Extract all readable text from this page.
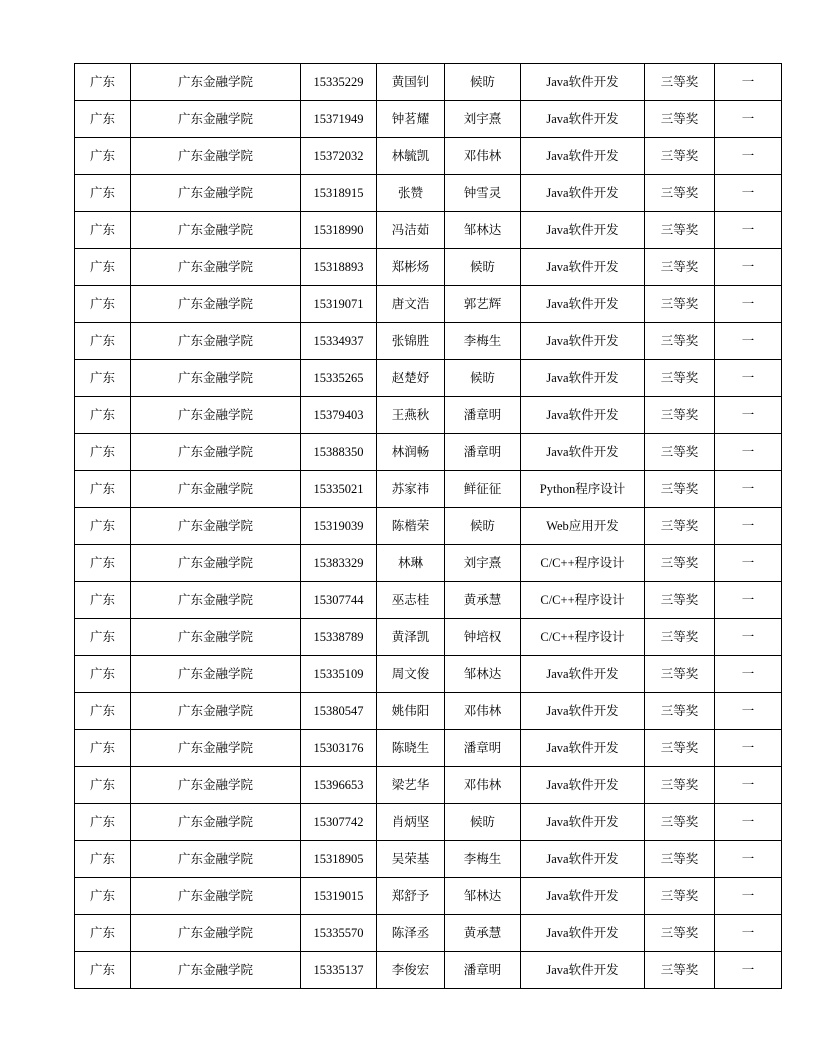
广东	广东金融学院	15335229	黄国钊	候昉	Java软件开发	三等奖	一
广东	广东金融学院	15371949	钟茗耀	刘宇熹	Java软件开发	三等奖	一
广东	广东金融学院	15372032	林毓凯	邓伟林	Java软件开发	三等奖	一
广东	广东金融学院	15318915	张赞	钟雪灵	Java软件开发	三等奖	一
广东	广东金融学院	15318990	冯洁茹	邹林达	Java软件开发	三等奖	一
广东	广东金融学院	15318893	郑彬炀	候昉	Java软件开发	三等奖	一
广东	广东金融学院	15319071	唐文浩	郭艺辉	Java软件开发	三等奖	一
广东	广东金融学院	15334937	张锦胜	李梅生	Java软件开发	三等奖	一
广东	广东金融学院	15335265	赵楚妤	候昉	Java软件开发	三等奖	一
广东	广东金融学院	15379403	王燕秋	潘章明	Java软件开发	三等奖	一
广东	广东金融学院	15388350	林润畅	潘章明	Java软件开发	三等奖	一
广东	广东金融学院	15335021	苏家祎	鲜征征	Python程序设计	三等奖	一
广东	广东金融学院	15319039	陈楷荣	候昉	Web应用开发	三等奖	一
广东	广东金融学院	15383329	林琳	刘宇熹	C/C++程序设计	三等奖	一
广东	广东金融学院	15307744	巫志桂	黄承慧	C/C++程序设计	三等奖	一
广东	广东金融学院	15338789	黄泽凯	钟培权	C/C++程序设计	三等奖	一
广东	广东金融学院	15335109	周文俊	邹林达	Java软件开发	三等奖	一
广东	广东金融学院	15380547	姚伟阳	邓伟林	Java软件开发	三等奖	一
广东	广东金融学院	15303176	陈晓生	潘章明	Java软件开发	三等奖	一
广东	广东金融学院	15396653	梁艺华	邓伟林	Java软件开发	三等奖	一
广东	广东金融学院	15307742	肖炳坚	候昉	Java软件开发	三等奖	一
广东	广东金融学院	15318905	吴荣基	李梅生	Java软件开发	三等奖	一
广东	广东金融学院	15319015	郑舒予	邹林达	Java软件开发	三等奖	一
广东	广东金融学院	15335570	陈泽丞	黄承慧	Java软件开发	三等奖	一
广东	广东金融学院	15335137	李俊宏	潘章明	Java软件开发	三等奖	一
